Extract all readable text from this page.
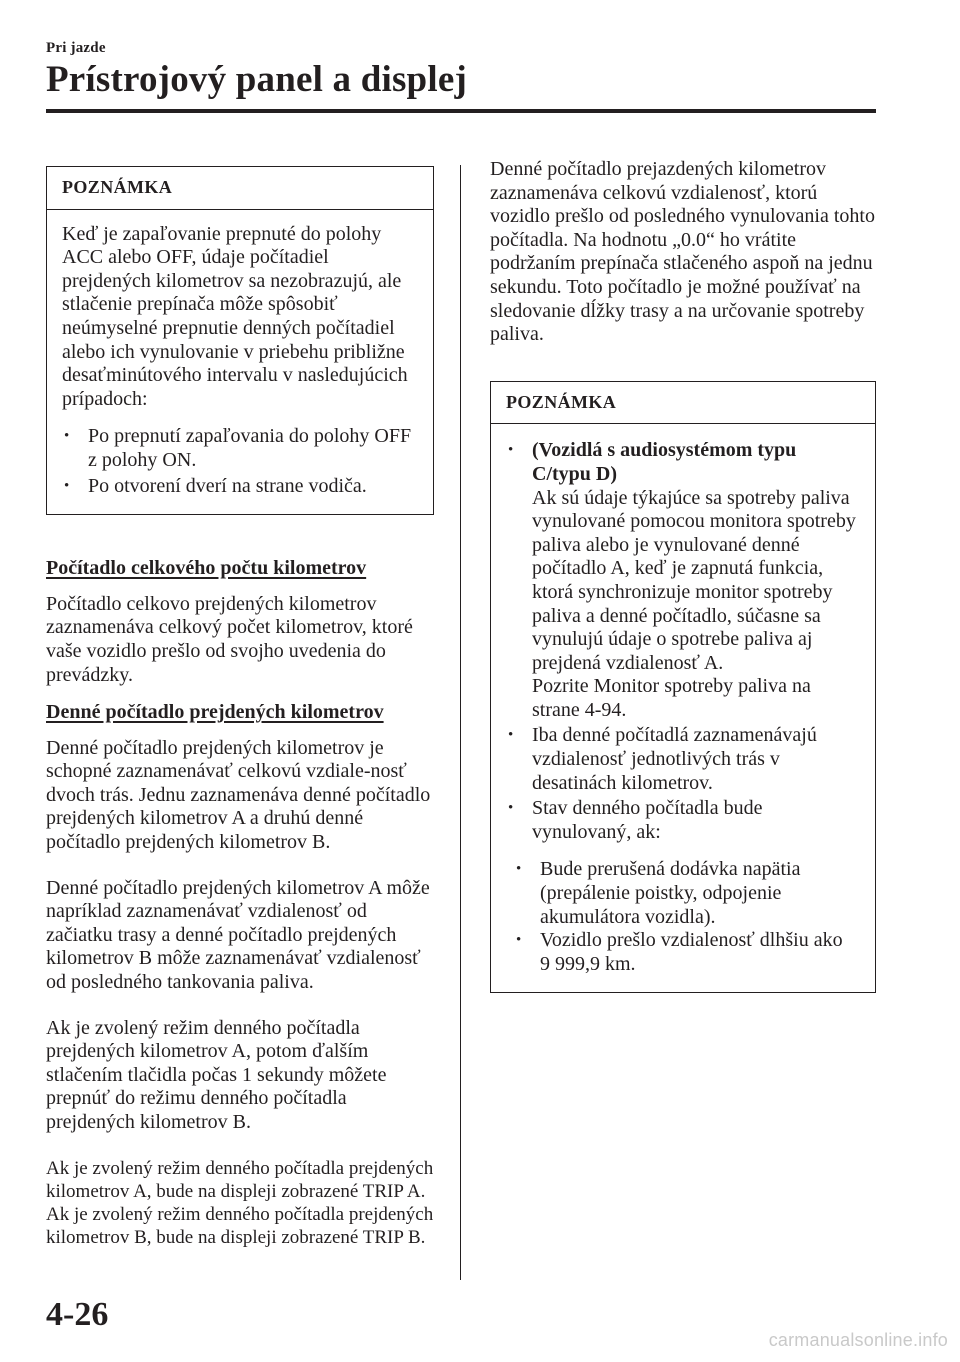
Pri jazde
Prístrojový panel a displej
POZNÁMKA

Keď je zapaľovanie prepnuté do polohy ACC alebo OFF, údaje počítadiel prejdených kilometrov sa nezobrazujú, ale stlačenie prepínača môže spôsobiť neúmyselné prepnutie denných počítadiel alebo ich vynulovanie v priebehu približne desaťminútového intervalu v nasledujúcich prípadoch:

• Po prepnutí zapaľovania do polohy OFF z polohy ON.
• Po otvorení dverí na strane vodiča.

Počítadlo celkového počtu kilometrov

Počítadlo celkovo prejdených kilometrov zaznamenáva celkový počet kilometrov, ktoré vaše vozidlo prešlo od svojho uvedenia do prevádzky.

Denné počítadlo prejdených kilometrov

Denné počítadlo prejdených kilometrov je schopné zaznamenávať celkovú vzdiale-nosť dvoch trás. Jednu zaznamenáva denné počítadlo prejdených kilometrov A a druhú denné počítadlo prejdených kilometrov B.

Denné počítadlo prejdených kilometrov A môže napríklad zaznamenávať vzdialenosť od začiatku trasy a denné počítadlo prejdených kilometrov B môže zaznamenávať vzdialenosť od posledného tankovania paliva.

Ak je zvolený režim denného počítadla prejdených kilometrov A, potom ďalším stlačením tlačidla počas 1 sekundy môžete prepnúť do režimu denného počítadla prejdených kilometrov B.

Ak je zvolený režim denného počítadla prejdených kilometrov A, bude na displeji zobrazené TRIP A. Ak je zvolený režim denného počítadla prejdených kilometrov B, bude na displeji zobrazené TRIP B.

Denné počítadlo prejazdených kilometrov zaznamenáva celkovú vzdialenosť, ktorú vozidlo prešlo od posledného vynulovania tohto počítadla. Na hodnotu „0.0“ ho vrátite podržaním prepínača stlačeného aspoň na jednu sekundu. Toto počítadlo je možné používať na sledovanie dĺžky trasy a na určovanie spotreby paliva.

POZNÁMKA
• (Vozidlá s audiosystémom typu C/typu D)
Ak sú údaje týkajúce sa spotreby paliva vynulované pomocou monitora spotreby paliva alebo je vynulované denné počítadlo A, keď je zapnutá funkcia, ktorá synchronizuje monitor spotreby paliva a denné počítadlo, súčasne sa vynulujú údaje o spotrebe paliva aj prejdená vzdialenosť A.
Pozrite Monitor spotreby paliva na strane 4-94.
• Iba denné počítadlá zaznamenávajú vzdialenosť jednotlivých trás v desatinách kilometrov.
• Stav denného počítadla bude vynulovaný, ak:
• Bude prerušená dodávka napätia (prepálenie poistky, odpojenie akumulátora vozidla).
• Vozidlo prešlo vzdialenosť dlhšiu ako 9 999,9 km.
4-26
carmanualsonline.info
